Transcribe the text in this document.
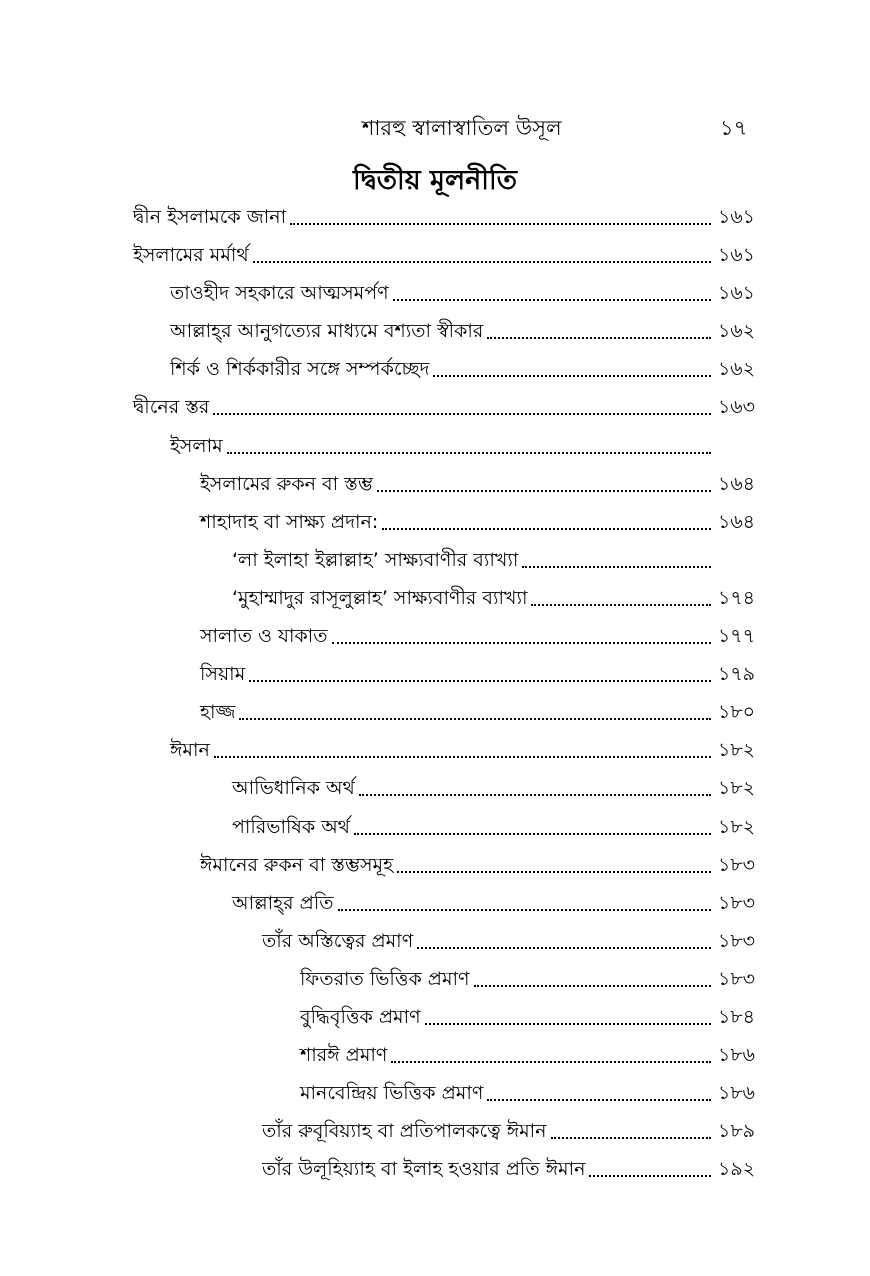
শারহু স্বালাস্বাতিল উসূল	১৭
দ্বিতীয় মূলনীতি
দ্বীন ইসলামকে জানা	১৬১
ইসলামের মর্মার্থ	১৬১
তাওহীদ সহকারে আত্মসমর্পণ	১৬১
আল্লাহ্‌র আনুগত্যের মাধ্যমে বশ্যতা স্বীকার	১৬২
শির্ক ও শির্ককারীর সঙ্গে সম্পর্কচ্ছেদ	১৬২
দ্বীনের স্তর	১৬৩
ইসলাম
ইসলামের রুকন বা স্তম্ভ	১৬৪
শাহাদাহ বা সাক্ষ্য প্রদান:	১৬৪
‘লা ইলাহা ইল্লাল্লাহ’ সাক্ষ্যবাণীর ব্যাখ্যা
‘মুহাম্মাদুর রাসূলুল্লাহ’ সাক্ষ্যবাণীর ব্যাখ্যা	১৭৪
সালাত ও যাকাত	১৭৭
সিয়াম	১৭৯
হাজ্জ	১৮০
ঈমান	১৮২
আভিধানিক অর্থ	১৮২
পারিভাষিক অর্থ	১৮২
ঈমানের রুকন বা স্তম্ভসমূহ	১৮৩
আল্লাহ্‌র প্রতি	১৮৩
তাঁর অস্তিত্বের প্রমাণ	১৮৩
ফিতরাত ভিত্তিক প্রমাণ	১৮৩
বুদ্ধিবৃত্তিক প্রমাণ	১৮৪
শারঈ প্রমাণ	১৮৬
মানবেন্দ্রিয় ভিত্তিক প্রমাণ	১৮৬
তাঁর রুবূবিয়্যাহ বা প্রতিপালকত্বে ঈমান	১৮৯
তাঁর উলূহিয়্যাহ বা ইলাহ হওয়ার প্রতি ঈমান	১৯২
